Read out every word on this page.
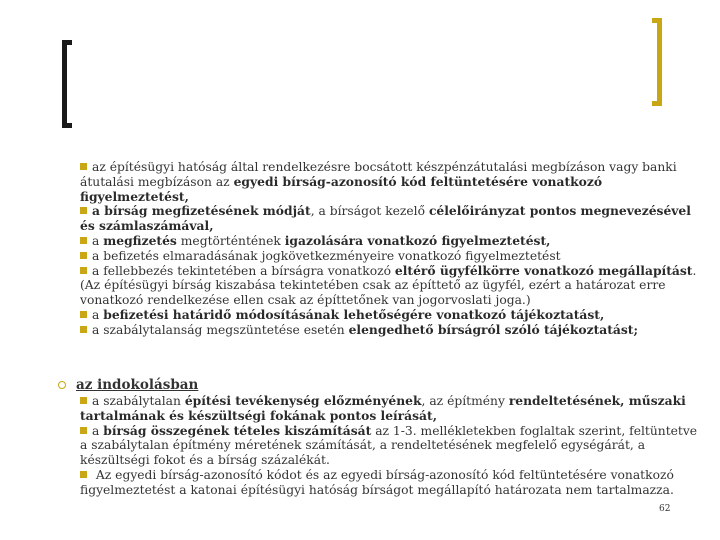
az építésügyi hatóság által rendelkezésre bocsátott készpénzátutalási megbízáson vagy banki átutalási megbízáson az egyedi bírság-azonosító kód feltüntetésére vonatkozó figyelmeztetést,
a bírság megfizetésének módját, a bírságot kezelő célelőirányzat pontos megnevezésével és számlaszámával,
a megfizetés megtörténtének igazolására vonatkozó figyelmeztetést,
a befizetés elmaradásának jogkövetkezményeire vonatkozó figyelmeztetést
a fellebbezés tekintetében a bírságra vonatkozó eltérő ügyfélkörre vonatkozó megállapítást. (Az építésügyi bírság kiszabása tekintetében csak az építtető az ügyfél, ezért a határozat erre vonatkozó rendelkezése ellen csak az építtetőnek van jogorvoslati joga.)
a befizetési határidő módosításának lehetőségére vonatkozó tájékoztatást,
a szabálytalanság megszüntetése esetén elengedhető bírságról szóló tájékoztatást;
az indokolásban
a szabálytalan építési tevékenység előzményének, az építmény rendeltetésének, műszaki tartalmának és készültségi fokának pontos leírását,
a bírság összegének tételes kiszámítását az 1-3. mellékletekben foglaltak szerint, feltüntetve a szabálytalan építmény méretének számítását, a rendeltetésének megfelelő egységárát, a készültségi fokot és a bírság százalékát.
Az egyedi bírság-azonosító kódot és az egyedi bírság-azonosító kód feltüntetésére vonatkozó figyelmeztetést a katonai építésügyi hatóság bírságot megállapító határozata nem tartalmazza.
62
